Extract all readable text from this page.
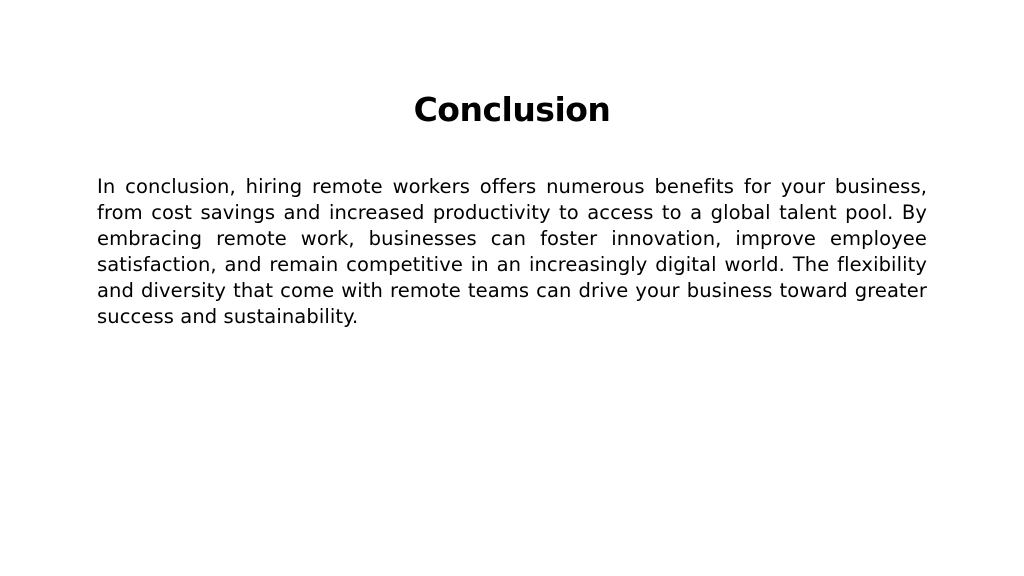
Conclusion

In conclusion, hiring remote workers offers numerous benefits for your business, from cost savings and increased productivity to access to a global talent pool. By embracing remote work, businesses can foster innovation, improve employee satisfaction, and remain competitive in an increasingly digital world. The flexibility and diversity that come with remote teams can drive your business toward greater success and sustainability.
